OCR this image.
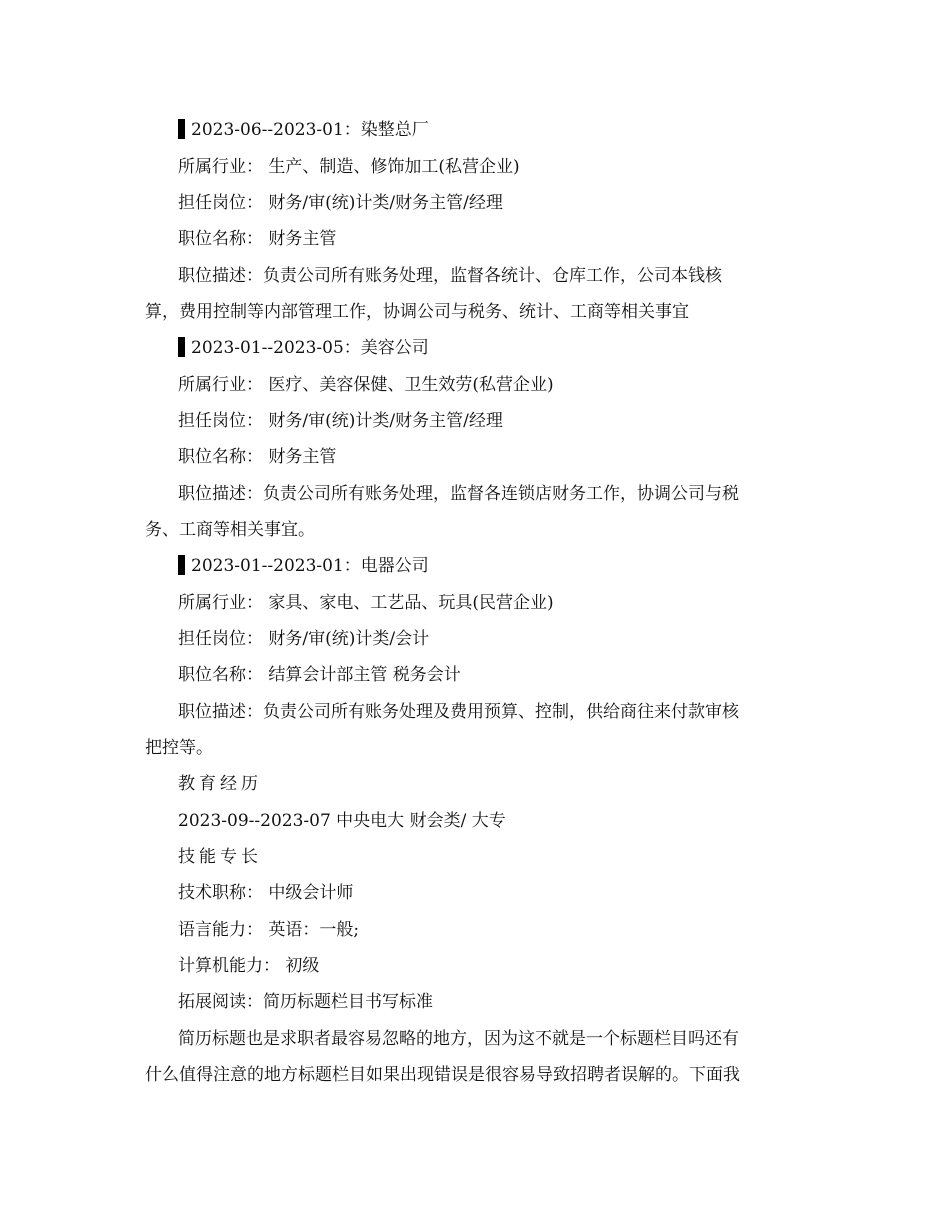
2023-06--2023-01：染整总厂
所属行业： 生产、制造、修饰加工(私营企业)
担任岗位： 财务/审(统)计类/财务主管/经理
职位名称： 财务主管
职位描述：负责公司所有账务处理，监督各统计、仓库工作，公司本钱核
算，费用控制等内部管理工作，协调公司与税务、统计、工商等相关事宜
2023-01--2023-05：美容公司
所属行业： 医疗、美容保健、卫生效劳(私营企业)
担任岗位： 财务/审(统)计类/财务主管/经理
职位名称： 财务主管
职位描述：负责公司所有账务处理，监督各连锁店财务工作，协调公司与税
务、工商等相关事宜。
2023-01--2023-01：电器公司
所属行业： 家具、家电、工艺品、玩具(民营企业)
担任岗位： 财务/审(统)计类/会计
职位名称： 结算会计部主管 税务会计
职位描述：负责公司所有账务处理及费用预算、控制，供给商往来付款审核
把控等。
教育经历
2023-09--2023-07 中央电大 财会类/ 大专
技能专长
技术职称： 中级会计师
语言能力： 英语：一般;
计算机能力： 初级
拓展阅读：简历标题栏目书写标准
简历标题也是求职者最容易忽略的地方，因为这不就是一个标题栏目吗还有
什么值得注意的地方标题栏目如果出现错误是很容易导致招聘者误解的。下面我
